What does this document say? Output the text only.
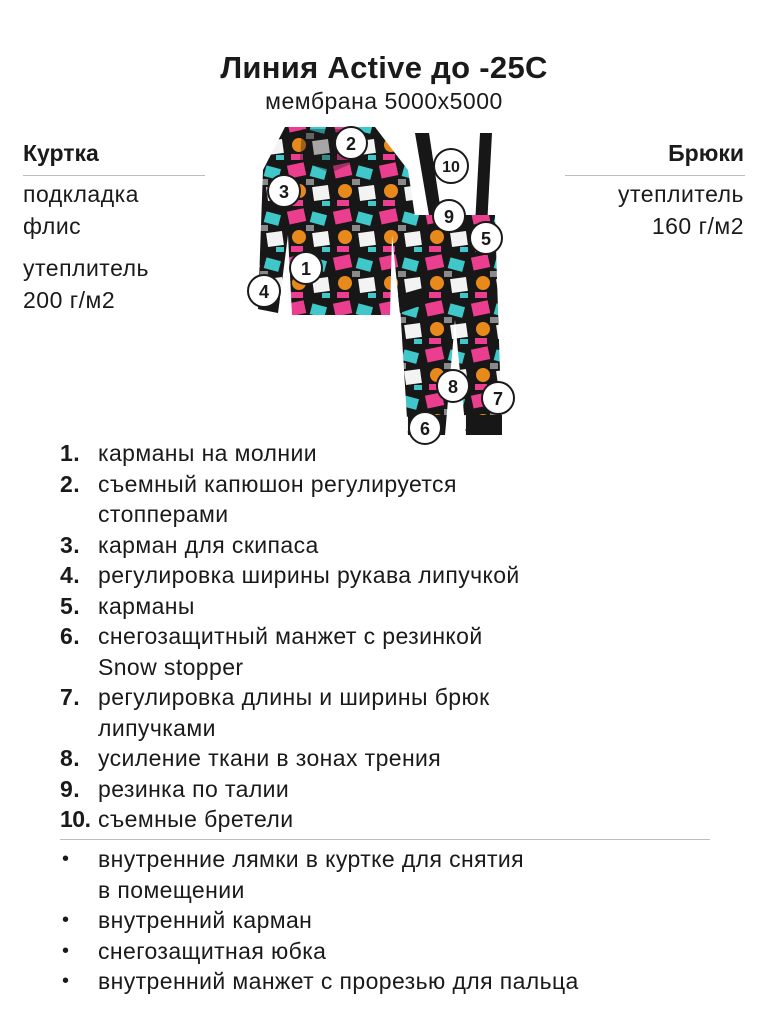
Линия Active до -25С
мембрана 5000х5000
Куртка
подкладка
флис
утеплитель
200 г/м2
Брюки
утеплитель
160 г/м2
2
3
1
4
10
9
5
8
7
6
1. карманы на молнии
2. съемный капюшон регулируется
стопперами
3. карман для скипаса
4. регулировка ширины рукава липучкой
5. карманы
6. снегозащитный манжет с резинкой
Snow stopper
7. регулировка длины и ширины брюк
липучками
8. усиление ткани в зонах трения
9. резинка по талии
10. съемные бретели
• внутренние лямки в куртке для снятия
в помещении
• внутренний карман
• снегозащитная юбка
• внутренний манжет с прорезью для пальца
